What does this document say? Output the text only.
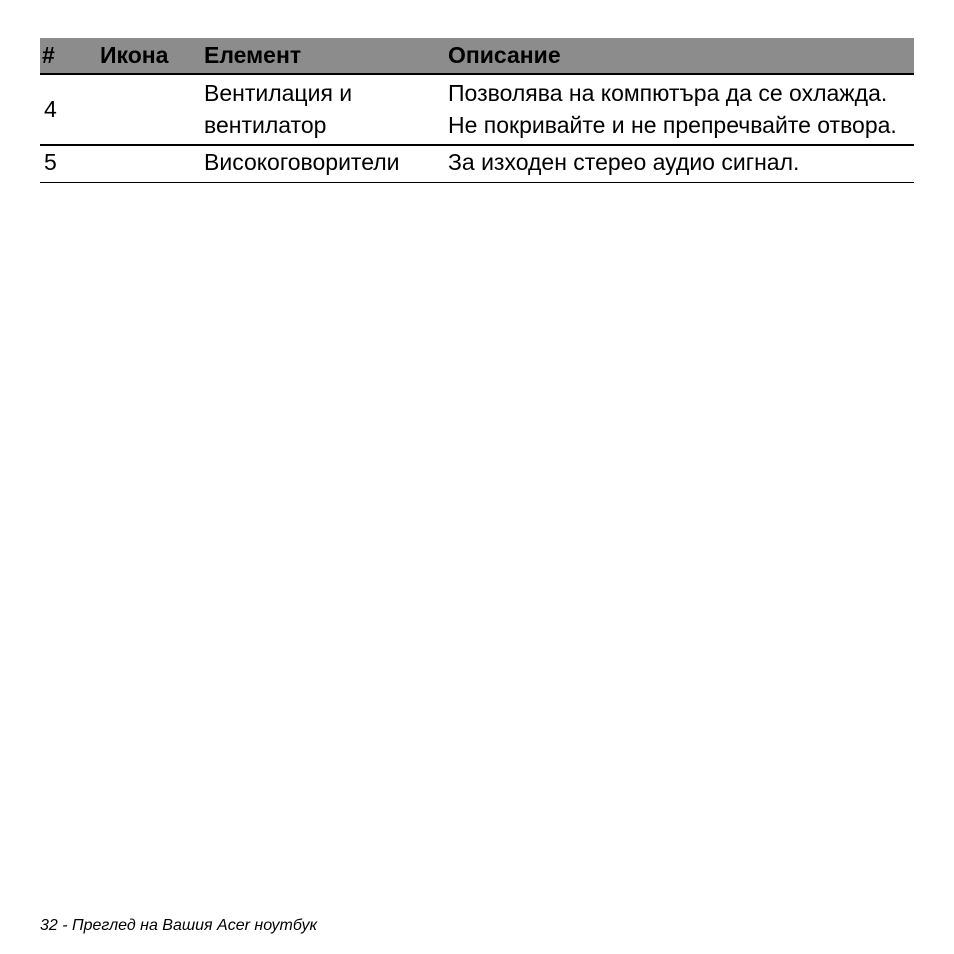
#	Икона	Елемент	Описание
4		Вентилация и вентилатор	Позволява на компютъра да се охлажда.
Не покривайте и не препречвайте отвора.

5		Високоговорители	За изходен стерео аудио сигнал.
32 - Преглед на Вашия Acer ноутбук
